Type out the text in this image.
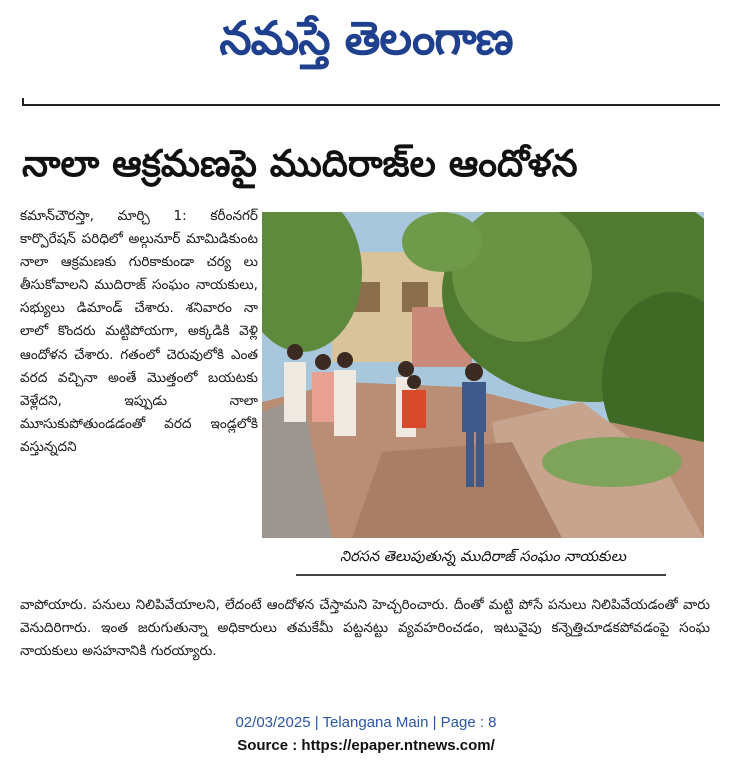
నమస్తే తెలంగాణ
నాలా ఆక్రమణపై ముదిరాజ్‌ల ఆందోళన

కమాన్‌చౌరస్తా, మార్చి 1: కరీంనగర్ కార్పొరేషన్ పరిధిలో అల్గునూర్ మామిడికుంట నాలా ఆక్రమణకు గురికాకుండా చర్య లు తీసుకోవాలని ముదిరాజ్ సంఘం నాయకులు, సభ్యులు డిమాండ్ చేశారు. శనివారం నా లాలో కొందరు మట్టిపోయగా, అక్కడికి వెళ్లి ఆందోళన చేశారు. గతంలో చెరువులోకి ఎంత వరద వచ్చినా అంతే మొత్తంలో బయటకు వెళ్లేదని, ఇప్పుడు నాలా మూసుకుపోతుండడంతో వరద ఇండ్లలోకి వస్తున్నదని

నిరసన తెలుపుతున్న ముదిరాజ్ సంఘం నాయకులు

వాపోయారు. పనులు నిలిపివేయాలని, లేదంటే ఆందోళన చేస్తామని హెచ్చరించారు. దీంతో మట్టి పోసే పనులు నిలిపివేయడంతో వారు వెనుదిరిగారు. ఇంత జరుగుతున్నా అధికారులు తమకేమీ పట్టనట్టు వ్యవహరించడం, ఇటువైపు కన్నెత్తిచూడకపోవడంపై సంఘ నాయకులు అసహనానికి గురయ్యారు.

02/03/2025 | Telangana Main | Page : 8
Source : https://epaper.ntnews.com/
